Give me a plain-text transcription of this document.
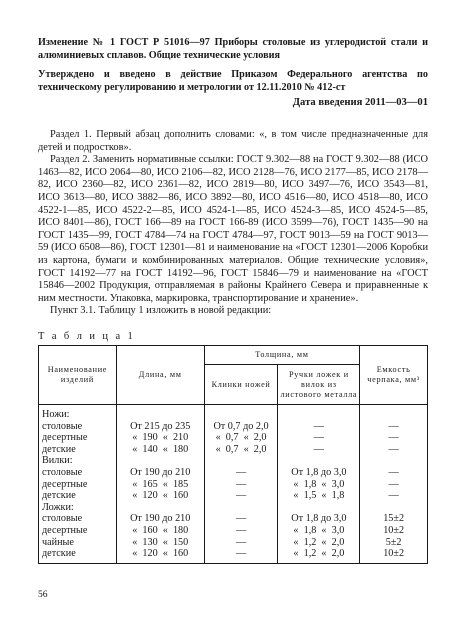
Изменение № 1 ГОСТ Р 51016—97 Приборы столовые из углеродистой стали и алюминиевых сплавов. Общие технические условия

Утверждено и введено в действие Приказом Федерального агентства по техническому регулированию и метрологии от 12.11.2010 № 412-ст

Дата введения 2011—03—01

Раздел 1. Первый абзац дополнить словами: «, в том числе предназначенные для детей и подростков».

Раздел 2. Заменить нормативные ссылки: ГОСТ 9.302—88 на ГОСТ 9.302—88 (ИСО 1463—82, ИСО 2064—80, ИСО 2106—82, ИСО 2128—76, ИСО 2177—85, ИСО 2178—82, ИСО 2360—82, ИСО 2361—82, ИСО 2819—80, ИСО 3497—76, ИСО 3543—81, ИСО 3613—80, ИСО 3882—86, ИСО 3892—80, ИСО 4516—80, ИСО 4518—80, ИСО 4522-1—85, ИСО 4522-2—85, ИСО 4524-1—85, ИСО 4524-3—85, ИСО 4524-5—85, ИСО 8401—86), ГОСТ 166—89 на ГОСТ 166-89 (ИСО 3599—76), ГОСТ 1435—90 на ГОСТ 1435—99, ГОСТ 4784—74 на ГОСТ 4784—97, ГОСТ 9013—59 на ГОСТ 9013—59 (ИСО 6508—86), ГОСТ 12301—81 и наименование на «ГОСТ 12301—2006 Коробки из картона, бумаги и комбинированных материалов. Общие технические условия», ГОСТ 14192—77 на ГОСТ 14192—96, ГОСТ 15846—79 и наименование на «ГОСТ 15846—2002 Продукция, отправляемая в районы Крайнего Севера и приравненные к ним местности. Упаковка, маркировка, транспортирование и хранение».

Пункт 3.1. Таблицу 1 изложить в новой редакции:

Т а б л и ц а 1
Наименование изделий	Длина, мм	Толщина, мм		Емкость черпака, мм³
		Клинки ножей	Ручки ложек и вилок из листового металла	
Ножи:				
столовые	От 215 до 235	От 0,7 до 2,0	—	—
десертные	«  190  «  210	«  0,7  «  2,0	—	—
детские	«  140  «  180	«  0,7  «  2,0	—	—
Вилки:				
столовые	От 190 до 210	—	От 1,8 до 3,0	—
десертные	«  165  «  185	—	«  1,8  «  3,0	—
детские	«  120  «  160	—	«  1,5  «  1,8	—
Ложки:				
столовые	От 190 до 210	—	От 1,8 до 3,0	15±2
десертные	«  160  «  180	—	«  1,8  «  3,0	10±2
чайные	«  130  «  150	—	«  1,2  «  2,0	5±2
детские	«  120  «  160	—	«  1,2  «  2,0	10±2
56
